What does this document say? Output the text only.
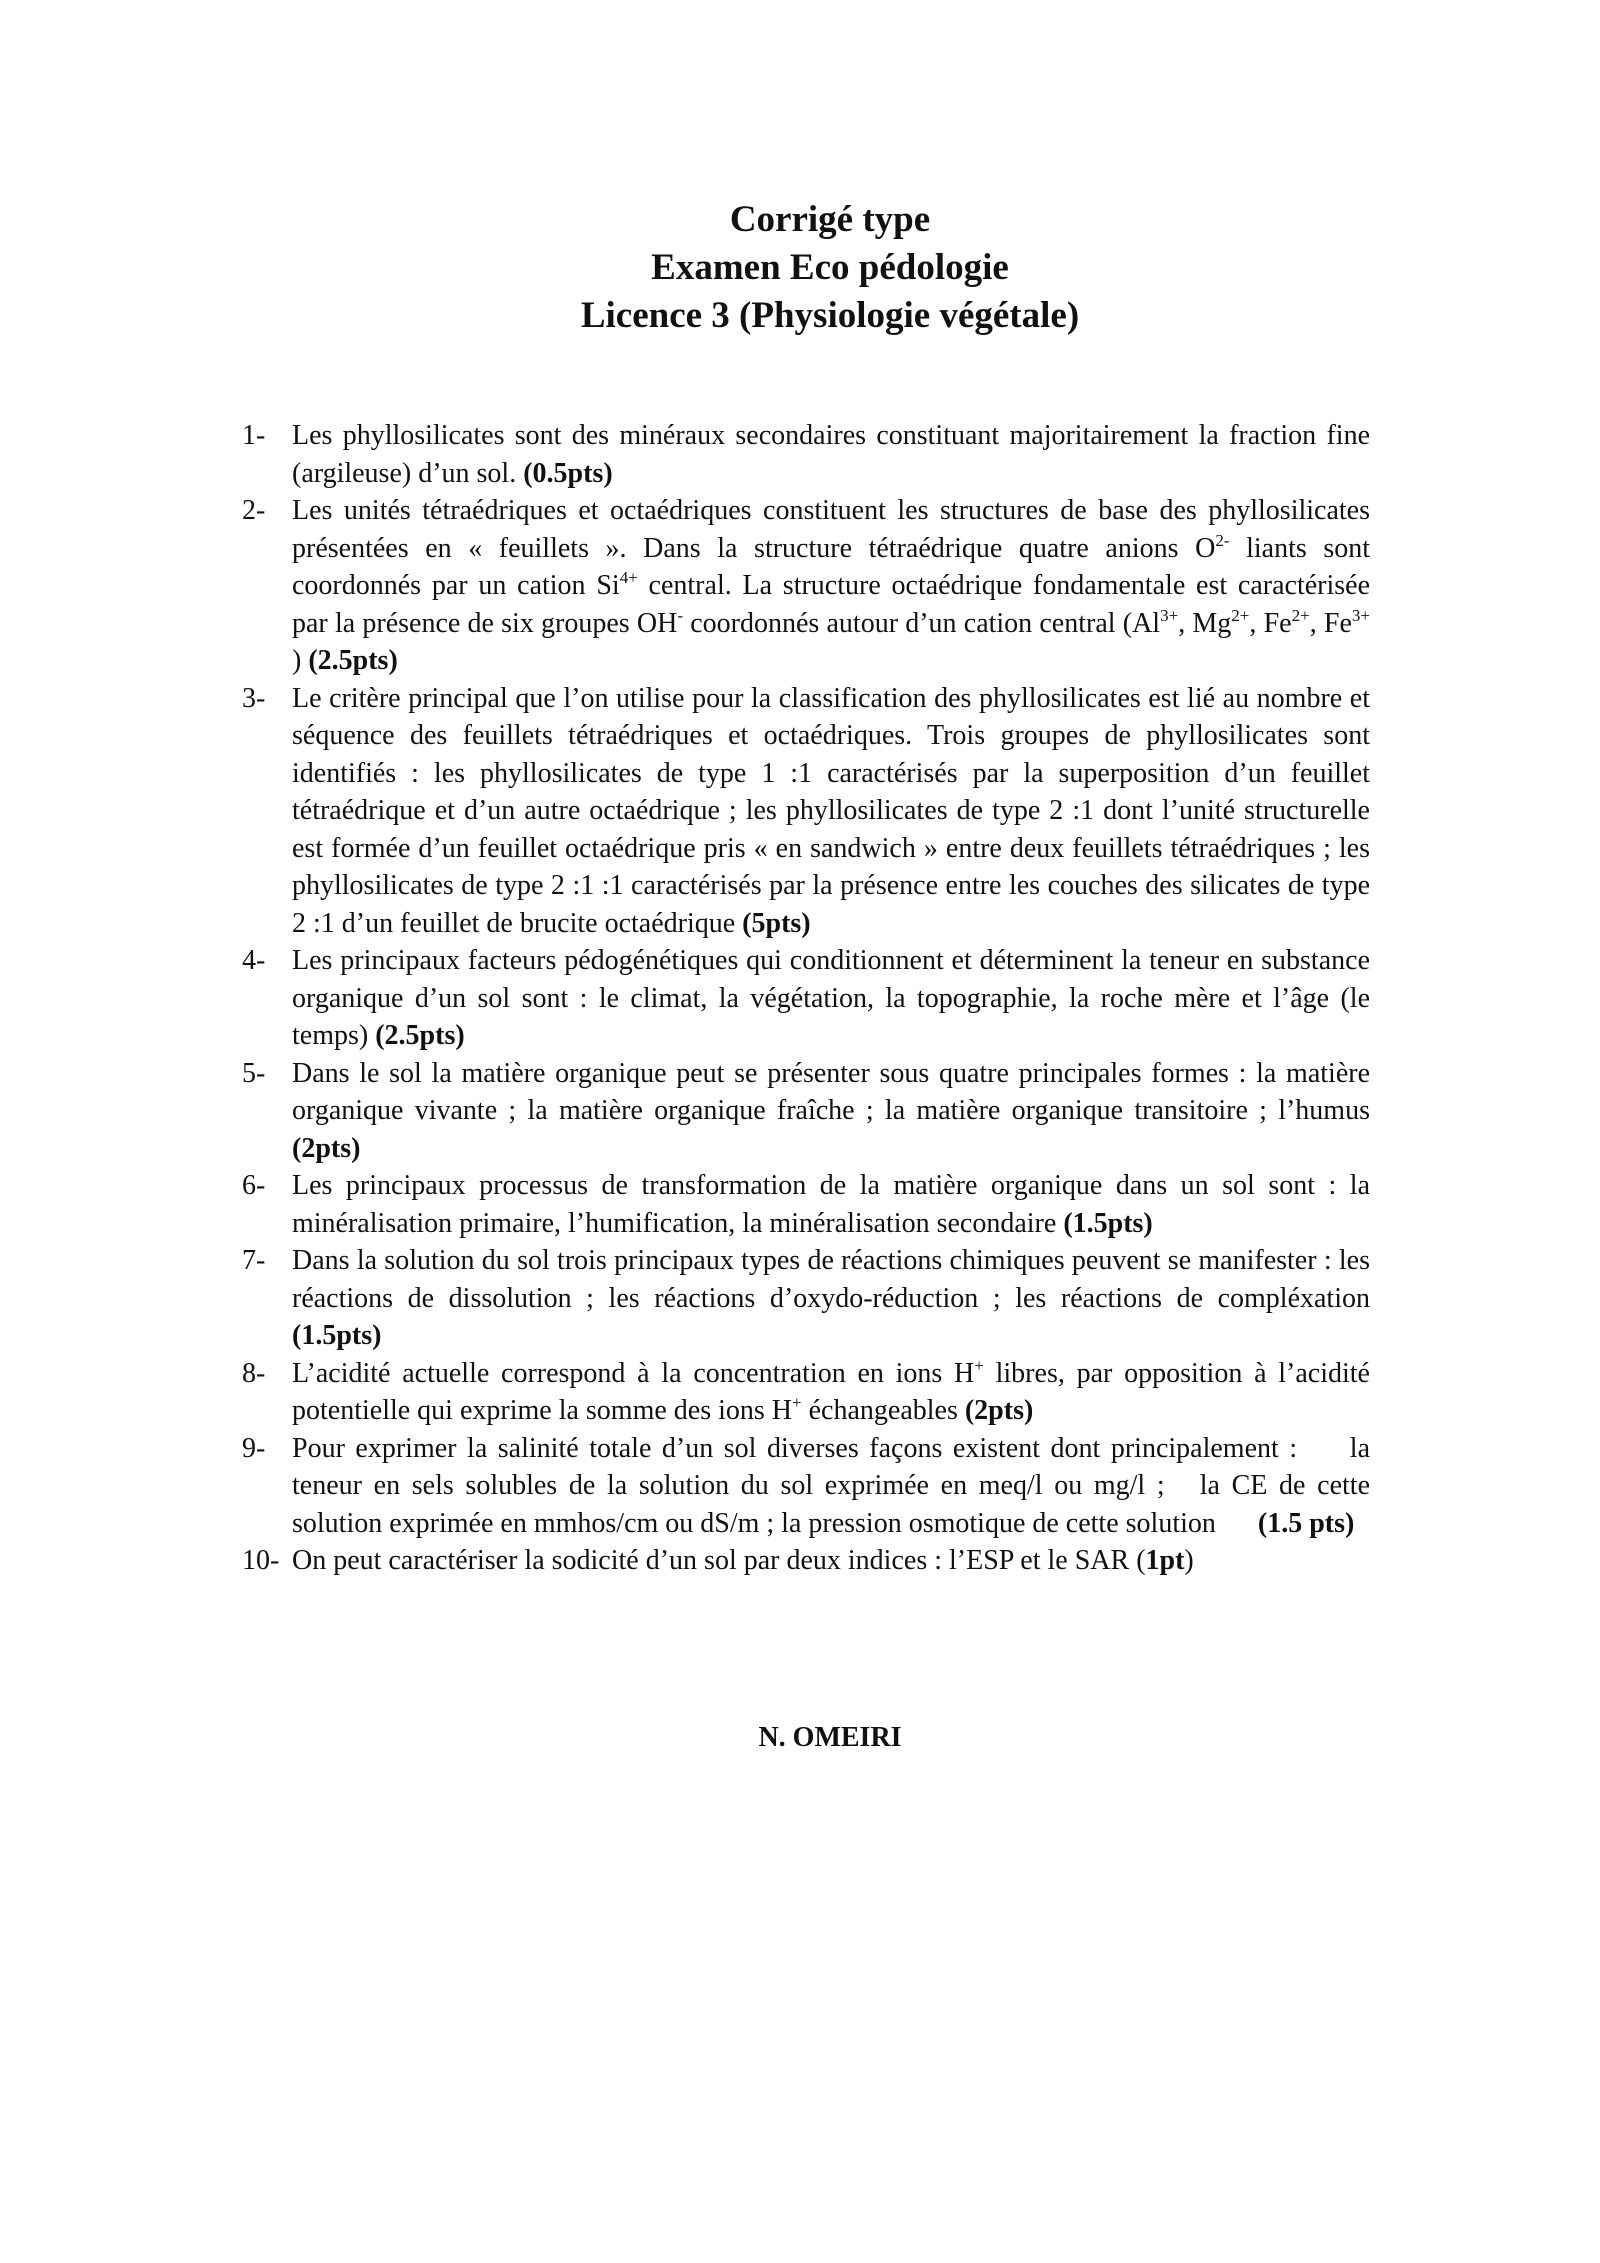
Corrigé type
Examen Eco pédologie
Licence 3 (Physiologie végétale)
1- Les phyllosilicates sont des minéraux secondaires constituant majoritairement la fraction fine (argileuse) d’un sol. (0.5pts)
2- Les unités tétraédriques et octaédriques constituent les structures de base des phyllosilicates présentées en « feuillets ». Dans la structure tétraédrique quatre anions $O^{2-}$ liants sont coordonnés par un cation $Si^{4+}$ central. La structure octaédrique fondamentale est caractérisée par la présence de six groupes OH- coordonnés autour d’un cation central ($Al^{3+}$, $Mg^{2+}$, $Fe^{2+}$, $Fe^{3+}$ ) (2.5pts)
3- Le critère principal que l’on utilise pour la classification des phyllosilicates est lié au nombre et séquence des feuillets tétraédriques et octaédriques. Trois groupes de phyllosilicates sont identifiés : les phyllosilicates de type 1 :1 caractérisés par la superposition d’un feuillet tétraédrique et d’un autre octaédrique ; les phyllosilicates de type 2 :1 dont l’unité structurelle est formée d’un feuillet octaédrique pris « en sandwich » entre deux feuillets tétraédriques ; les phyllosilicates de type 2 :1 :1 caractérisés par la présence entre les couches des silicates de type 2 :1 d’un feuillet de brucite octaédrique (5pts)
4- Les principaux facteurs pédogénétiques qui conditionnent et déterminent la teneur en substance organique d’un sol sont : le climat, la végétation, la topographie, la roche mère et l’âge (le temps) (2.5pts)
5- Dans le sol la matière organique peut se présenter sous quatre principales formes : la matière organique vivante ; la matière organique fraîche ; la matière organique transitoire ; l’humus (2pts)
6- Les principaux processus de transformation de la matière organique dans un sol sont : la minéralisation primaire, l’humification, la minéralisation secondaire (1.5pts)
7- Dans la solution du sol trois principaux types de réactions chimiques peuvent se manifester : les réactions de dissolution ; les réactions d’oxydo-réduction ; les réactions de compléxation (1.5pts)
8- L’acidité actuelle correspond à la concentration en ions H+ libres, par opposition à l’acidité potentielle qui exprime la somme des ions H+ échangeables (2pts)
9- Pour exprimer la salinité totale d’un sol diverses façons existent dont principalement :     la teneur en sels solubles de la solution du sol exprimée en meq/l ou mg/l ;   la CE de cette solution exprimée en mmhos/cm ou dS/m ; la pression osmotique de cette solution      (1.5 pts)
10- On peut caractériser la sodicité d’un sol par deux indices : l’ESP et le SAR (1pt)
N. OMEIRI
